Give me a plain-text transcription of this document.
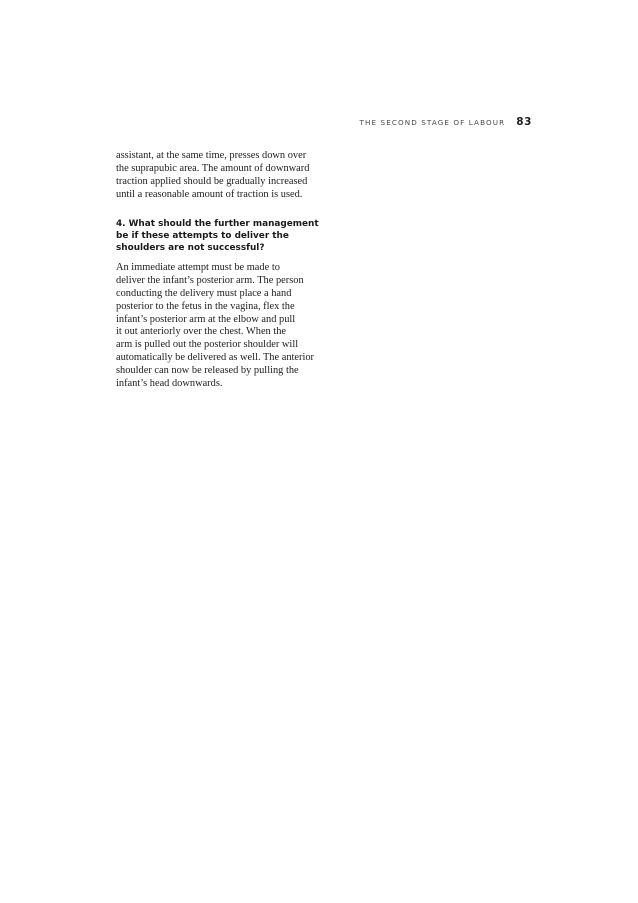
THE SECOND STAGE OF LABOUR 83

assistant, at the same time, presses down over
the suprapubic area. The amount of downward
traction applied should be gradually increased
until a reasonable amount of traction is used.

4. What should the further management
be if these attempts to deliver the
shoulders are not successful?

An immediate attempt must be made to
deliver the infant’s posterior arm. The person
conducting the delivery must place a hand
posterior to the fetus in the vagina, flex the
infant’s posterior arm at the elbow and pull
it out anteriorly over the chest. When the
arm is pulled out the posterior shoulder will
automatically be delivered as well. The anterior
shoulder can now be released by pulling the
infant’s head downwards.
